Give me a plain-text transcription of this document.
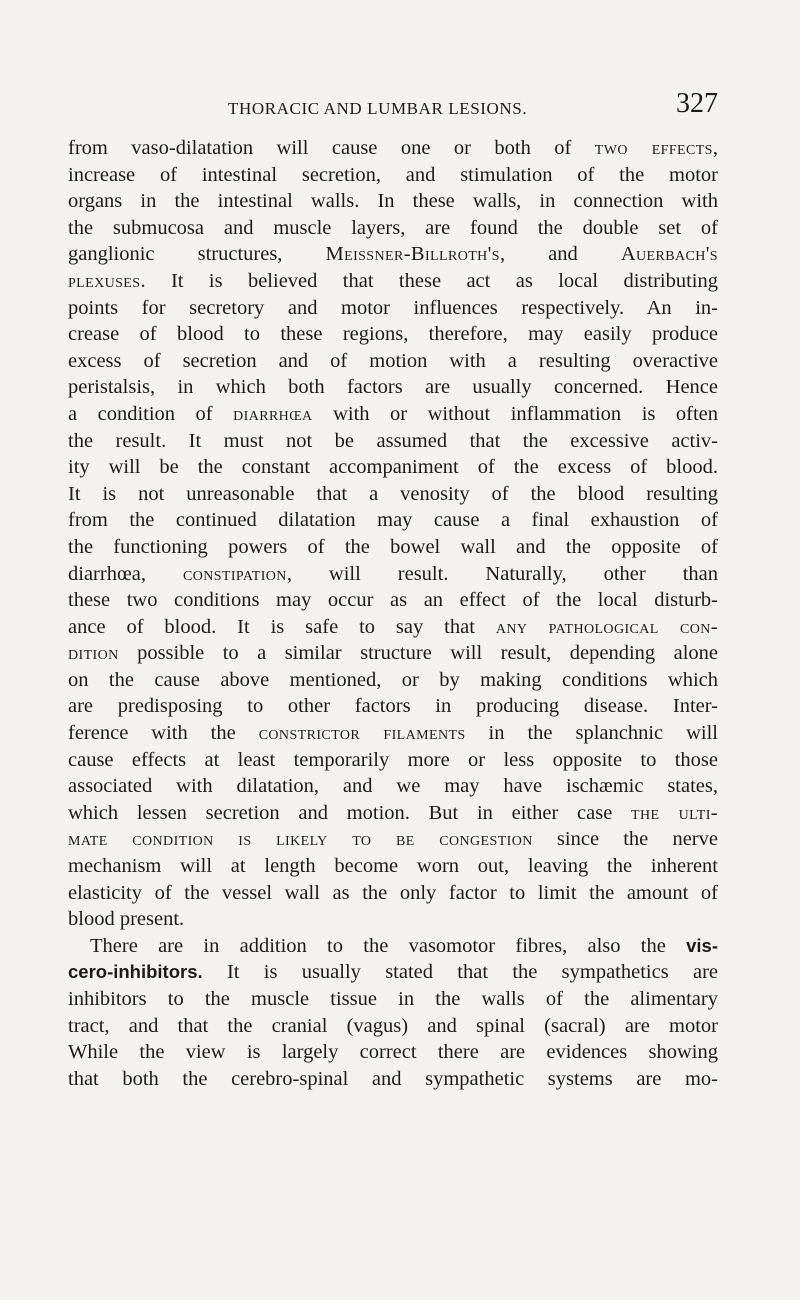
THORACIC AND LUMBAR LESIONS.	327
from vaso-dilatation will cause one or both of two effects,
increase of intestinal secretion, and stimulation of the motor
organs in the intestinal walls. In these walls, in connection with
the submucosa and muscle layers, are found the double set of
ganglionic structures, Meissner-Billroth's, and Auerbach's
plexuses. It is believed that these act as local distributing
points for secretory and motor influences respectively. An in-
crease of blood to these regions, therefore, may easily produce
excess of secretion and of motion with a resulting overactive
peristalsis, in which both factors are usually concerned. Hence
a condition of diarrhœa with or without inflammation is often
the result. It must not be assumed that the excessive activ-
ity will be the constant accompaniment of the excess of blood.
It is not unreasonable that a venosity of the blood resulting
from the continued dilatation may cause a final exhaustion of
the functioning powers of the bowel wall and the opposite of
diarrhœa, constipation, will result. Naturally, other than
these two conditions may occur as an effect of the local disturb-
ance of blood. It is safe to say that any pathological con-
dition possible to a similar structure will result, depending alone
on the cause above mentioned, or by making conditions which
are predisposing to other factors in producing disease. Inter-
ference with the constrictor filaments in the splanchnic will
cause effects at least temporarily more or less opposite to those
associated with dilatation, and we may have ischæmic states,
which lessen secretion and motion. But in either case the ulti-
mate condition is likely to be congestion since the nerve
mechanism will at length become worn out, leaving the inherent
elasticity of the vessel wall as the only factor to limit the amount of
blood present.
There are in addition to the vasomotor fibres, also the vis-
cero-inhibitors. It is usually stated that the sympathetics are
inhibitors to the muscle tissue in the walls of the alimentary
tract, and that the cranial (vagus) and spinal (sacral) are motor
While the view is largely correct there are evidences showing
that both the cerebro-spinal and sympathetic systems are mo-
